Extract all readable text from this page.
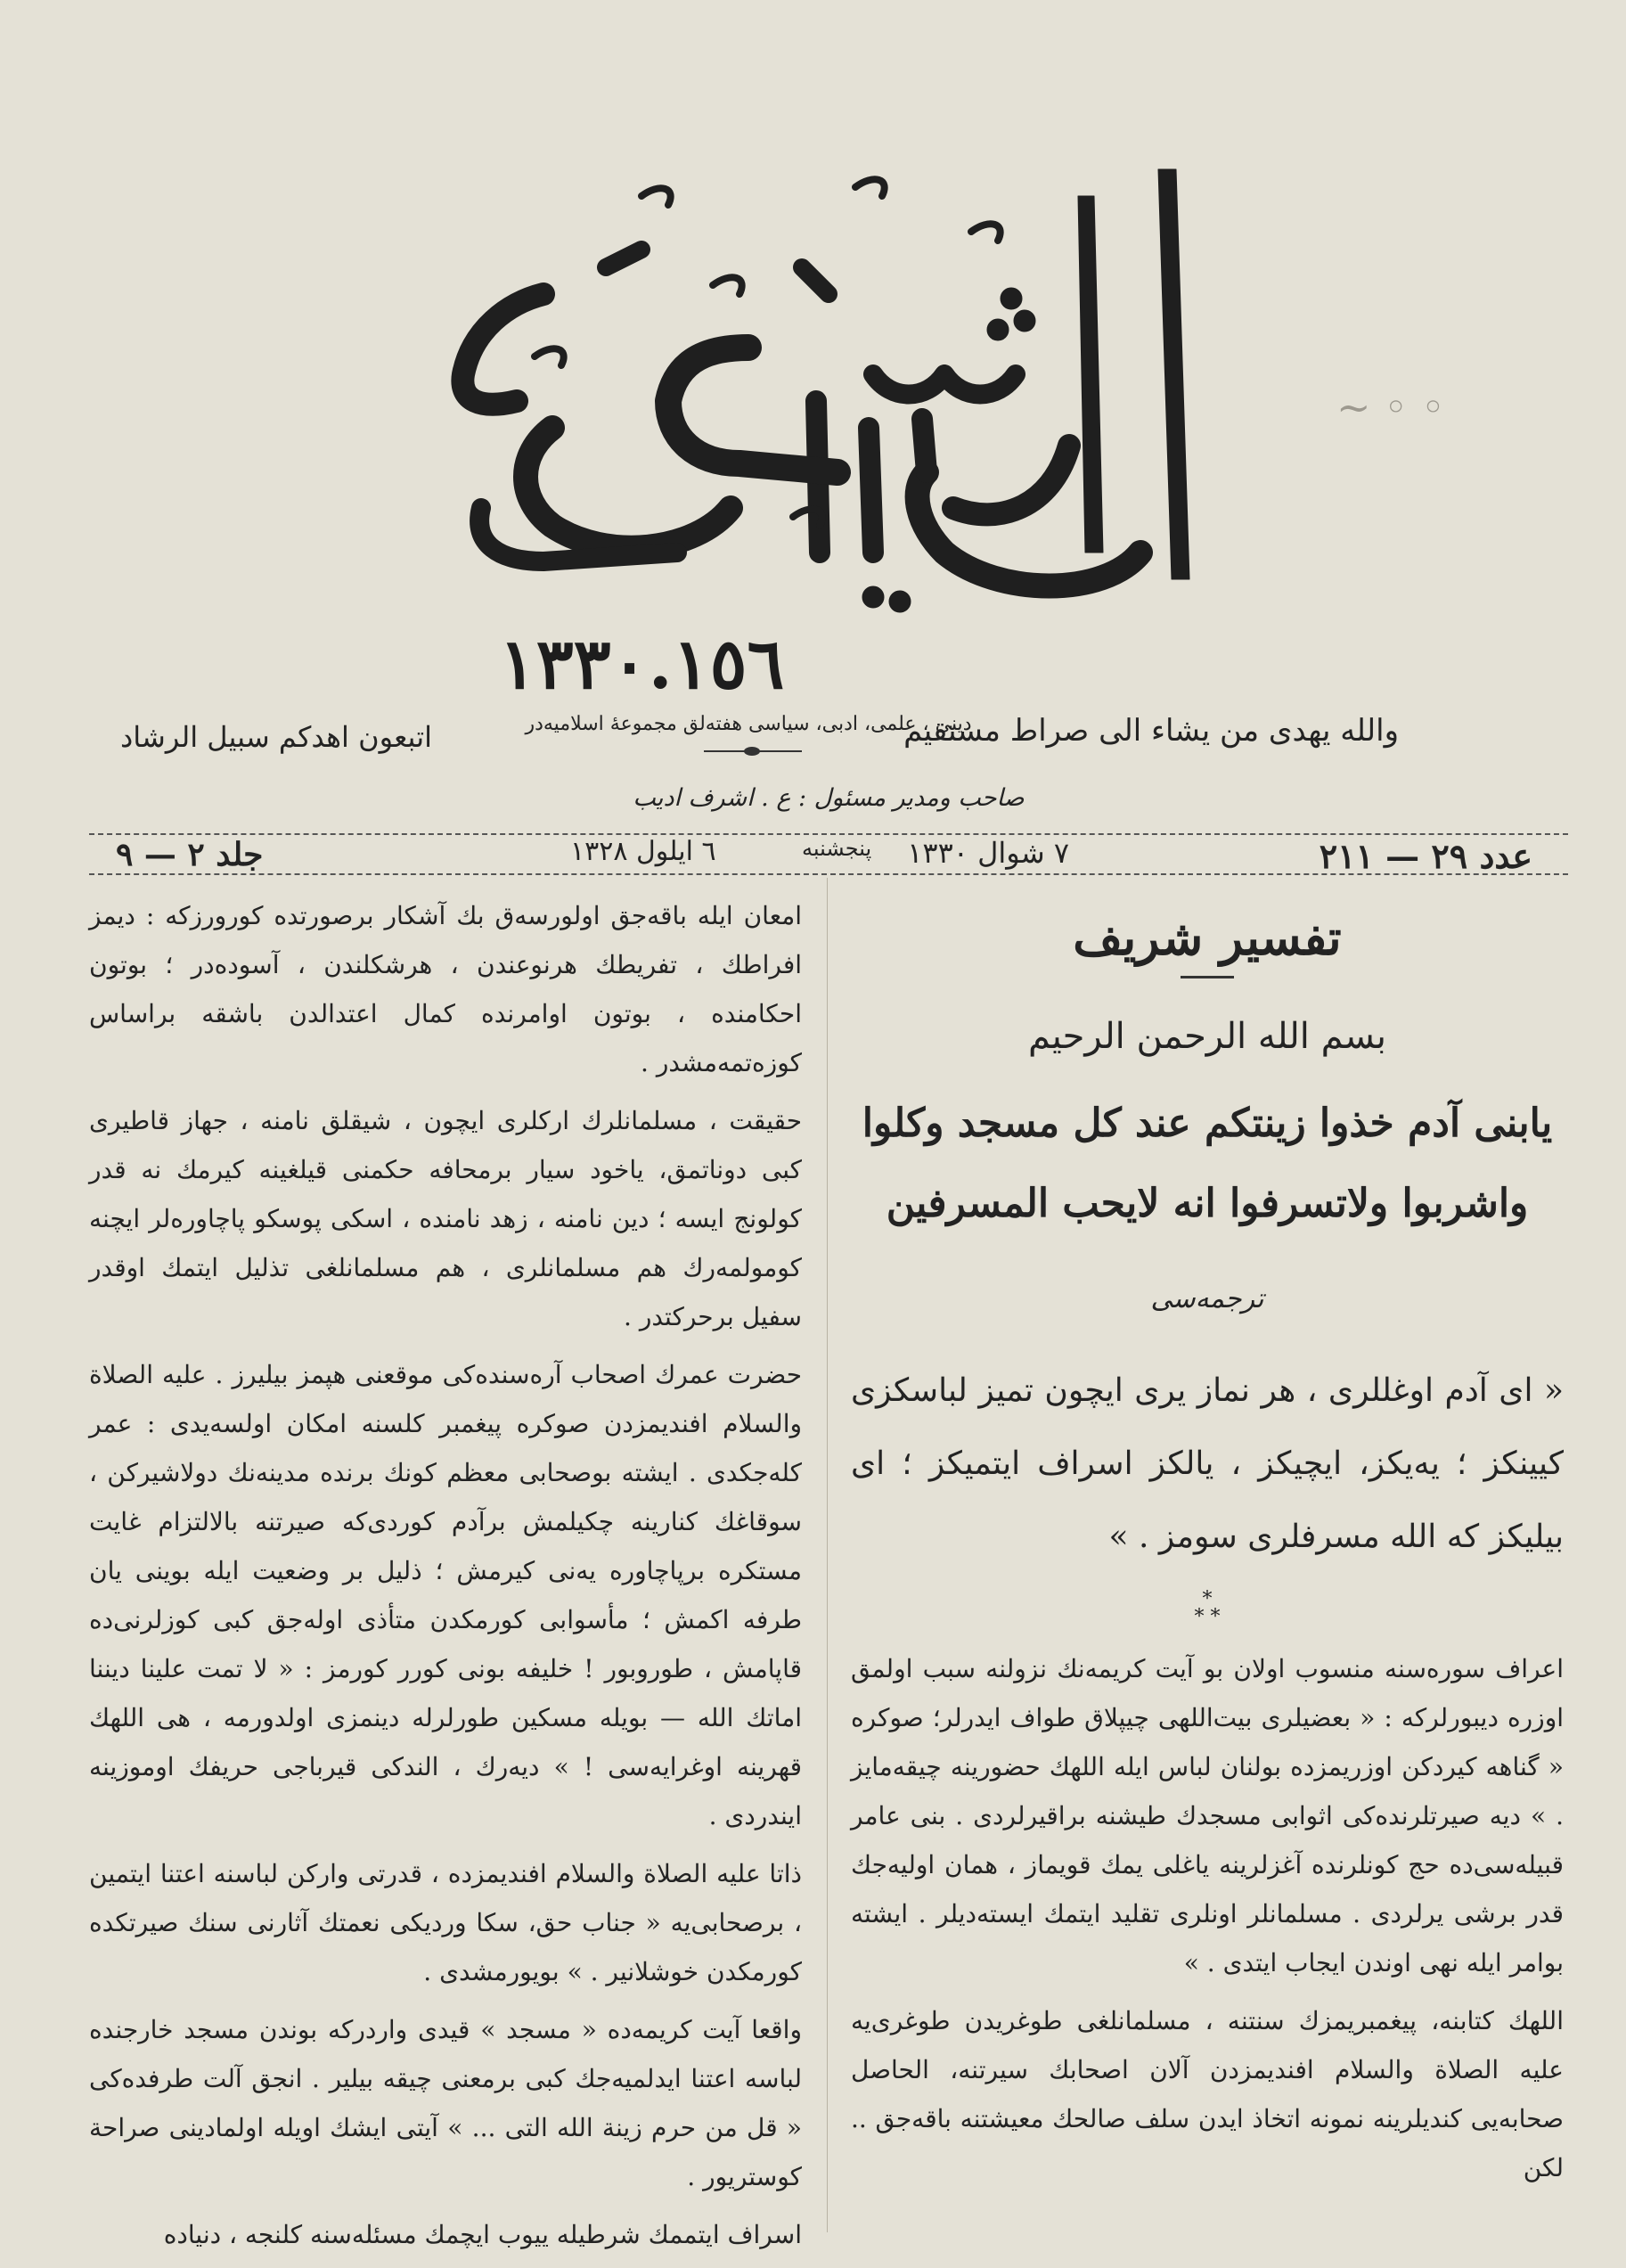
~ ◦ ◦
١٣٣٠.١٥٦
والله يهدى من يشاء الى صراط مستقيم
دينى ، علمى، ادبى، سياسى هفته‌لق مجموعهٔ اسلاميه‌در
اتبعون اهدكم سبيل الرشاد
صاحب ومدير مسئول : ع . اشرف اديب
عدد ٢٩ — ٢١١
٧ شوال ١٣٣٠
پنجشنبه
٦ ايلول ١٣٢٨
جلد ٢ — ٩
تفسير شريف
بسم الله الرحمن الرحيم
يابنى آدم خذوا زينتكم عند كل مسجد وكلوا
واشربوا ولاتسرفوا انه لايحب المسرفين
ترجمه‌سى
« اى آدم اوغللرى ، هر نماز يرى ايچون تميز لباسكزى كيينكز ؛ يه‌يكز، ايچيكز ، يالكز اسراف ايتميكز ؛ اى بيليكز كه الله مسرفلرى سومز . »
*
* *

اعراف سوره‌سنه منسوب اولان بو آيت كريمه‌نك نزولنه سبب اولمق اوزره ديبورلركه : « بعضيلرى بيت‌اللهى چيپلاق طواف ايدرلر؛ صوكره « گناهه كيردكن اوزريمزده بولنان لباس ايله اللهك حضورينه چيقه‌مايز . » ديه صيرتلرنده‌كى اثوابى مسجدك طيشنه براقيرلردى . بنى عامر قبيله‌سى‌ده حج كونلرنده آغزلرينه ياغلى يمك قويماز ، همان اوليه‌جك قدر برشى يرلردى . مسلمانلر اونلرى تقليد ايتمك ايسته‌ديلر . ايشته بوامر ايله نهى اوندن ايجاب ايتدى . »

اللهك كتابنه، پيغمبريمزك سنتنه ، مسلمانلغى طوغريدن طوغرى‌يه عليه الصلاة والسلام افنديمزدن آلان اصحابك سيرتنه، الحاصل صحابه‌يى كنديلرينه نمونه اتخاذ ايدن سلف صالحك معيشتنه باقه‌جق .. لكن

امعان ايله باقه‌جق اولورسه‌ق بك آشكار برصورتده كورورزكه : ديمز افراطك ، تفريطك هرنوعندن ، هرشكلندن ، آسوده‌در ؛ بوتون احكامنده ، بوتون اوامرنده كمال اعتدالدن باشقه براساس كوزه‌تمه‌مشدر .

حقيقت ، مسلمانلرك اركلرى ايچون ، شيقلق نامنه ، جهاز قاطيرى كبى دوناتمق، ياخود سيار برمحافه حكمنى قيلغينه كيرمك نه قدر كولونج ايسه ؛ دين نامنه ، زهد نامنده ، اسكى پوسكو پاچاوره‌لر ايچنه كومولمه‌رك هم مسلمانلرى ، هم مسلمانلغى تذليل ايتمك اوقدر سفيل برحركتدر .

حضرت عمرك اصحاب آره‌سنده‌كى موقعنى هپمز بيليرز . عليه الصلاة والسلام افنديمزدن صوكره پيغمبر كلسنه امكان اولسه‌يدى : عمر كله‌جكدى . ايشته بوصحابى معظم كونك برنده مدينه‌نك دولاشيركن ، سوقاغك كنارينه چكيلمش برآدم كوردى‌كه صيرتنه بالالتزام غايت مستكره برپاچاوره يه‌نى كيرمش ؛ ذليل بر وضعيت ايله بوينى يان طرفه اكمش ؛ مأسوابى كورمكدن متأذى اوله‌جق كبى كوزلرنى‌ده قاپامش ، طوروبور ! خليفه بونى كورر كورمز : « لا تمت علينا ديننا اماتك الله — بويله مسكين طورلرله دينمزى اولدورمه ، هى اللهك قهرينه اوغرايه‌سى ! » ديه‌رك ، الندكى قيرباجى حريفك اوموزينه ايندردى .

ذاتا عليه الصلاة والسلام افنديمزده ، قدرتى واركن لباسنه اعتنا ايتمين ، برصحابى‌يه « جناب حق، سكا ورديكى نعمتك آثارنى سنك صيرتكده كورمكدن خوشلانير . » بويورمشدى .

واقعا آيت كريمه‌ده « مسجد » قيدى واردركه بوندن مسجد خارجنده لباسه اعتنا ايدلميه‌جك كبى برمعنى چيقه بيلير . انجق آلت طرفده‌كى « قل من حرم زينة الله التى ... » آيتى ايشك اويله اولمادينى صراحة كوستريور .

اسراف ايتممك شرطيله ييوب ايچمك مسئله‌سنه كلنجه ، دنياده
